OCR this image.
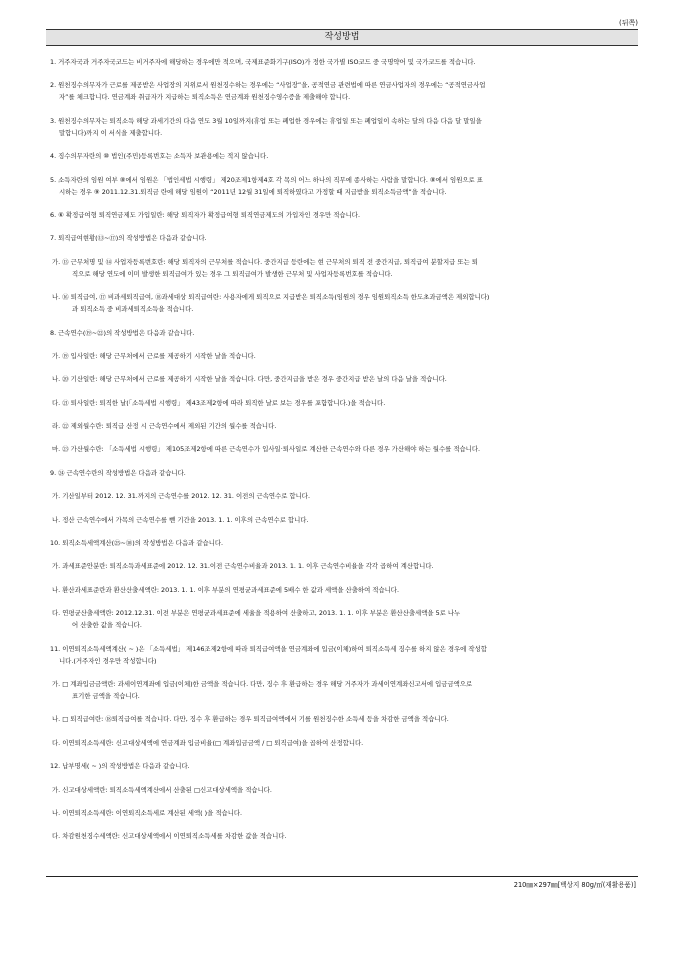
(뒤쪽)
작성방법
1. 거주자국과 거주자국코드는 비거주자에 해당하는 경우에만 적으며, 국제표준화기구(ISO)가 정한 국가별 ISO코드 중 국명약어 및 국가코드를 적습니다.
2. 원천징수의무자가 근로를 제공받은 사업장의 지위로서 원천징수하는 경우에는 “사업장”을, 공적연금 관련법에 따른 연금사업자의 경우에는 “공적연금사업

자”를 체크합니다. 연금계좌 취급자가 지급하는 퇴직소득은 연금계좌 원천징수영수증을 제출해야 합니다.
3. 원천징수의무자는 퇴직소득 해당 과세기간의 다음 연도 3월 10일까지(휴업 또는 폐업한 경우에는 휴업일 또는 폐업일이 속하는 달의 다음 다음 달 말일을

말합니다)까지 이 서식을 제출합니다.
4. 징수의무자란의 ⑩ 법인(주민)등록번호는 소득자 보관용에는 적지 않습니다.
5. 소득자란의 임원 여부 ⑧에서 임원은 「법인세법 시행령」 제20조제1항제4호 각 목의 어느 하나의 직무에 종사하는 사람을 말합니다. ⑧에서 임원으로 표

시하는 경우 ⑨ 2011.12.31.퇴직금 란에 해당 임원이 “2011년 12월 31일에 퇴직하였다고 가정할 때 지급받을 퇴직소득금액”을 적습니다.
6. ⑥ 확정급여형 퇴직연금제도 가입일란: 해당 퇴직자가 확정급여형 퇴직연금제도의 가입자인 경우만 적습니다.
7. 퇴직급여현황(⑬~⑰)의 작성방법은 다음과 같습니다.
가. ⑬ 근무처명 및 ⑭ 사업자등록번호란: 해당 퇴직자의 근무처를 적습니다. 중간지급 등란에는 현 근무처의 퇴직 전 중간지급, 퇴직급여 분할지급 또는 퇴

직으로 해당 연도에 이미 발생한 퇴직급여가 있는 경우 그 퇴직급여가 발생한 근무처 및 사업자등록번호를 적습니다.
나. ⑯ 퇴직급여, ⑰ 비과세퇴직급여, ⑱과세대상 퇴직급여란: 사용자에게 퇴직으로 지급받은 퇴직소득(임원의 경우 임원퇴직소득 한도초과금액은 제외합니다)

과 퇴직소득 중 비과세퇴직소득을 적습니다.
8. 근속연수(⑲~㉒)의 작성방법은 다음과 같습니다.
가. ⑲ 입사일란: 해당 근무처에서 근로를 제공하기 시작한 날을 적습니다.
나. ⑳ 기산일란: 해당 근무처에서 근로를 제공하기 시작한 날을 적습니다. 다만, 중간지급을 받은 경우 중간지급 받은 날의 다음 날을 적습니다.
다. ㉑ 퇴사일란: 퇴직한 날(「소득세법 시행령」 제43조제2항에 따라 퇴직한 날로 보는 경우를 포함합니다.)을 적습니다.
라. ㉒ 제외월수란: 퇴직급 산정 시 근속연수에서 제외된 기간의 월수를 적습니다.
마. ㉓ 가산월수란: 「소득세법 시행령」 제105조제2항에 따른 근속연수가 입사일·퇴사일로 계산한 근속연수와 다른 경우 가산해야 하는 월수를 적습니다.
9. ㉔ 근속연수란의 작성방법은 다음과 같습니다.
가. 기산일부터 2012. 12. 31.까지의 근속연수를 2012. 12. 31. 이전의 근속연수로 합니다.
나. 정산 근속연수에서 가목의 근속연수를 뺀 기간을 2013. 1. 1. 이후의 근속연수로 합니다.
10. 퇴직소득세액계산(㉕~㉚)의 작성방법은 다음과 같습니다.
가. 과세표준안분란: 퇴직소득과세표준에 2012. 12. 31.이전 근속연수비율과 2013. 1. 1. 이후 근속연수비율을 각각 곱하여 계산합니다.
나. 환산과세표준란과 환산산출세액란: 2013. 1. 1. 이후 부분의 연평균과세표준에 5배수 한 값과 세액을 산출하여 적습니다.
다. 연평균산출세액란: 2012.12.31. 이전 부분은 연평균과세표준에 세율을 적용하여 산출하고, 2013. 1. 1. 이후 부분은 환산산출세액을 5로 나누

어 산출한 값을 적습니다.
11. 이연퇴직소득세액계산( ~ )은 「소득세법」 제146조제2항에 따라 퇴직급여액을 연금계좌에 입금(이체)하여 퇴직소득세 징수를 하지 않은 경우에 작성합

니다.(거주자인 경우만 작성합니다)
가. □ 계좌입금금액란: 과세이연계좌에 입금(이체)한 금액을 적습니다. 다만, 징수 후 환급하는 경우 해당 거주자가 과세이연계좌신고서에 입금금액으로

표기한 금액을 적습니다.
나. □ 퇴직급여란: ⑱퇴직급여를 적습니다. 다만, 징수 후 환급하는 경우 퇴직급여액에서 기를 원천징수한 소득세 등을 차감한 금액을 적습니다.
다. 이연퇴직소득세란: 신고대상세액에 연금계좌 입금비율(□ 계좌입금금액 / □ 퇴직급여)을 곱하여 산정합니다.
12. 납부명세( ~ )의 작성방법은 다음과 같습니다.
가. 신고대상세액란: 퇴직소득세액계산에서 산출된 □신고대상세액을 적습니다.
나. 이연퇴직소득세란: 이연퇴직소득세로 계산된 세액( )을 적습니다.
다. 차감원천징수세액란: 신고대상세액에서 이연퇴직소득세를 차감한 값을 적습니다.
210㎜×297㎜[백상지 80g/㎡(재활용품)]
